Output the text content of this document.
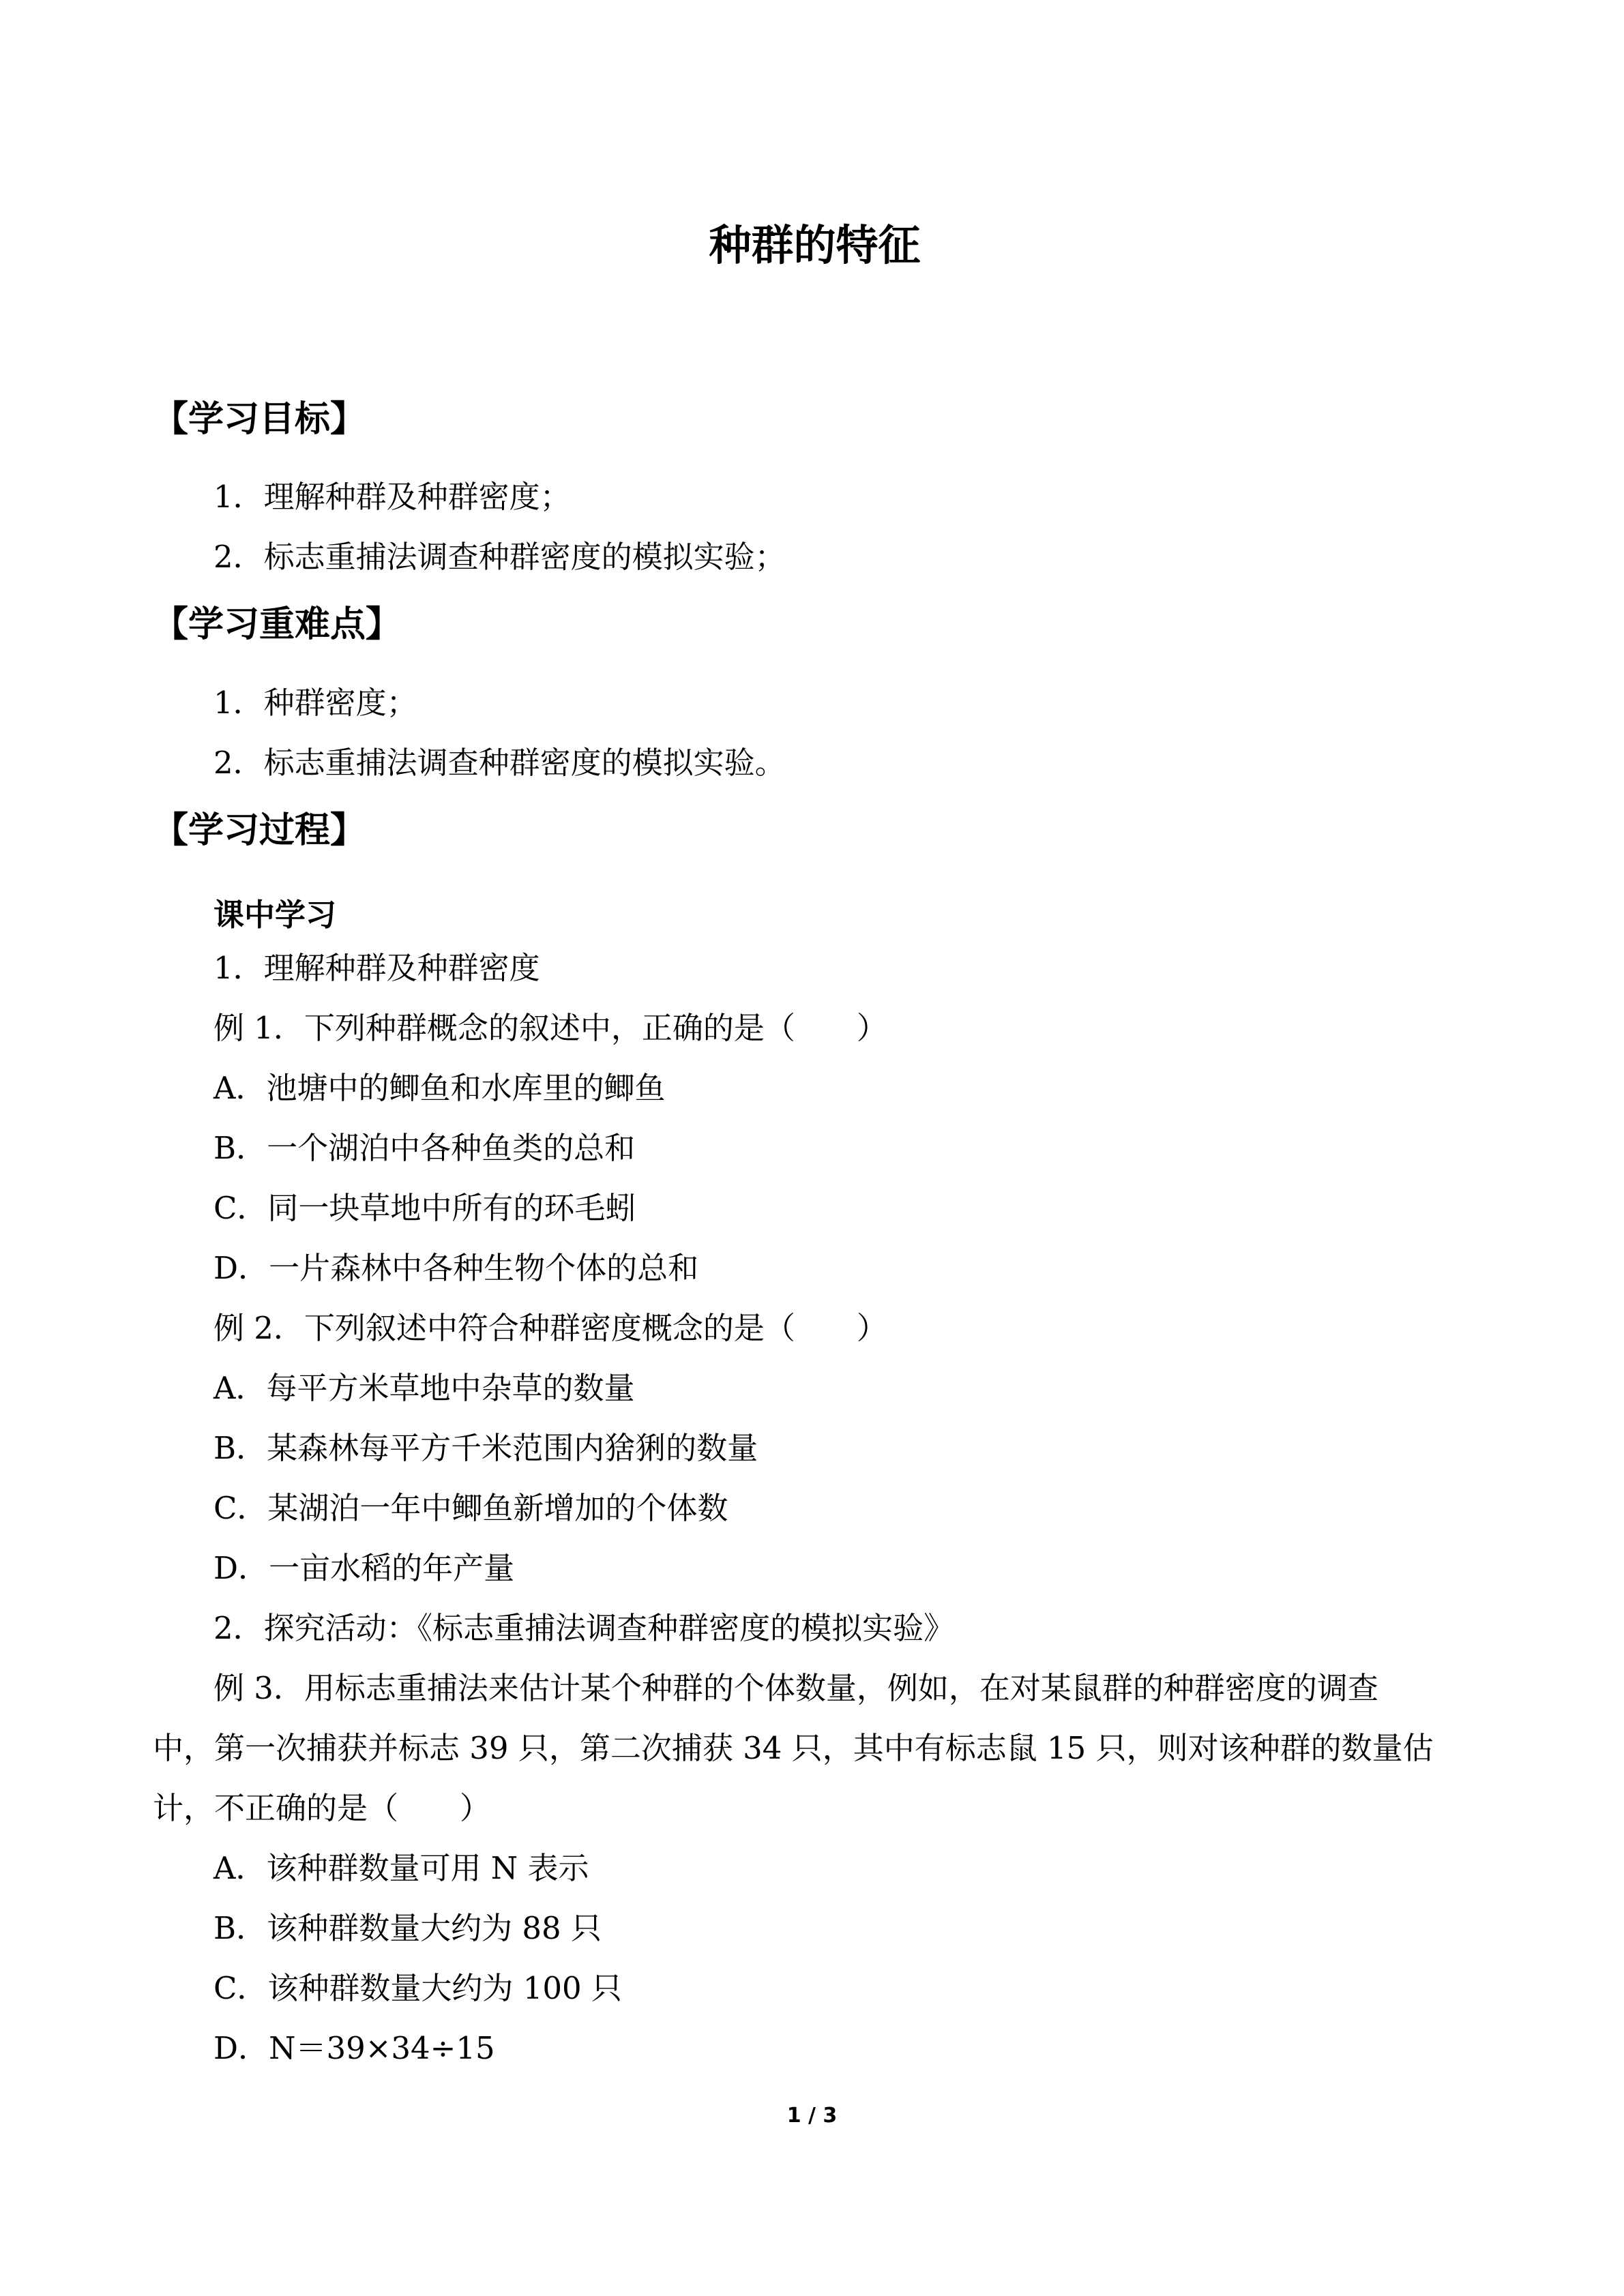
种群的特征
【学习目标】
1．理解种群及种群密度；
2．标志重捕法调查种群密度的模拟实验；
【学习重难点】
1．种群密度；
2．标志重捕法调查种群密度的模拟实验。
【学习过程】
课中学习
1．理解种群及种群密度
例 1．下列种群概念的叙述中，正确的是（　　）
A．池塘中的鲫鱼和水库里的鲫鱼
B．一个湖泊中各种鱼类的总和
C．同一块草地中所有的环毛蚓
D．一片森林中各种生物个体的总和
例 2．下列叙述中符合种群密度概念的是（　　）
A．每平方米草地中杂草的数量
B．某森林每平方千米范围内猞猁的数量
C．某湖泊一年中鲫鱼新增加的个体数
D．一亩水稻的年产量
2．探究活动：《标志重捕法调查种群密度的模拟实验》
例 3．用标志重捕法来估计某个种群的个体数量，例如，在对某鼠群的种群密度的调查
中，第一次捕获并标志 39 只，第二次捕获 34 只，其中有标志鼠 15 只，则对该种群的数量估
计，不正确的是（　　）
A．该种群数量可用 N 表示
B．该种群数量大约为 88 只
C．该种群数量大约为 100 只
D．N＝39×34÷15
1 / 3
